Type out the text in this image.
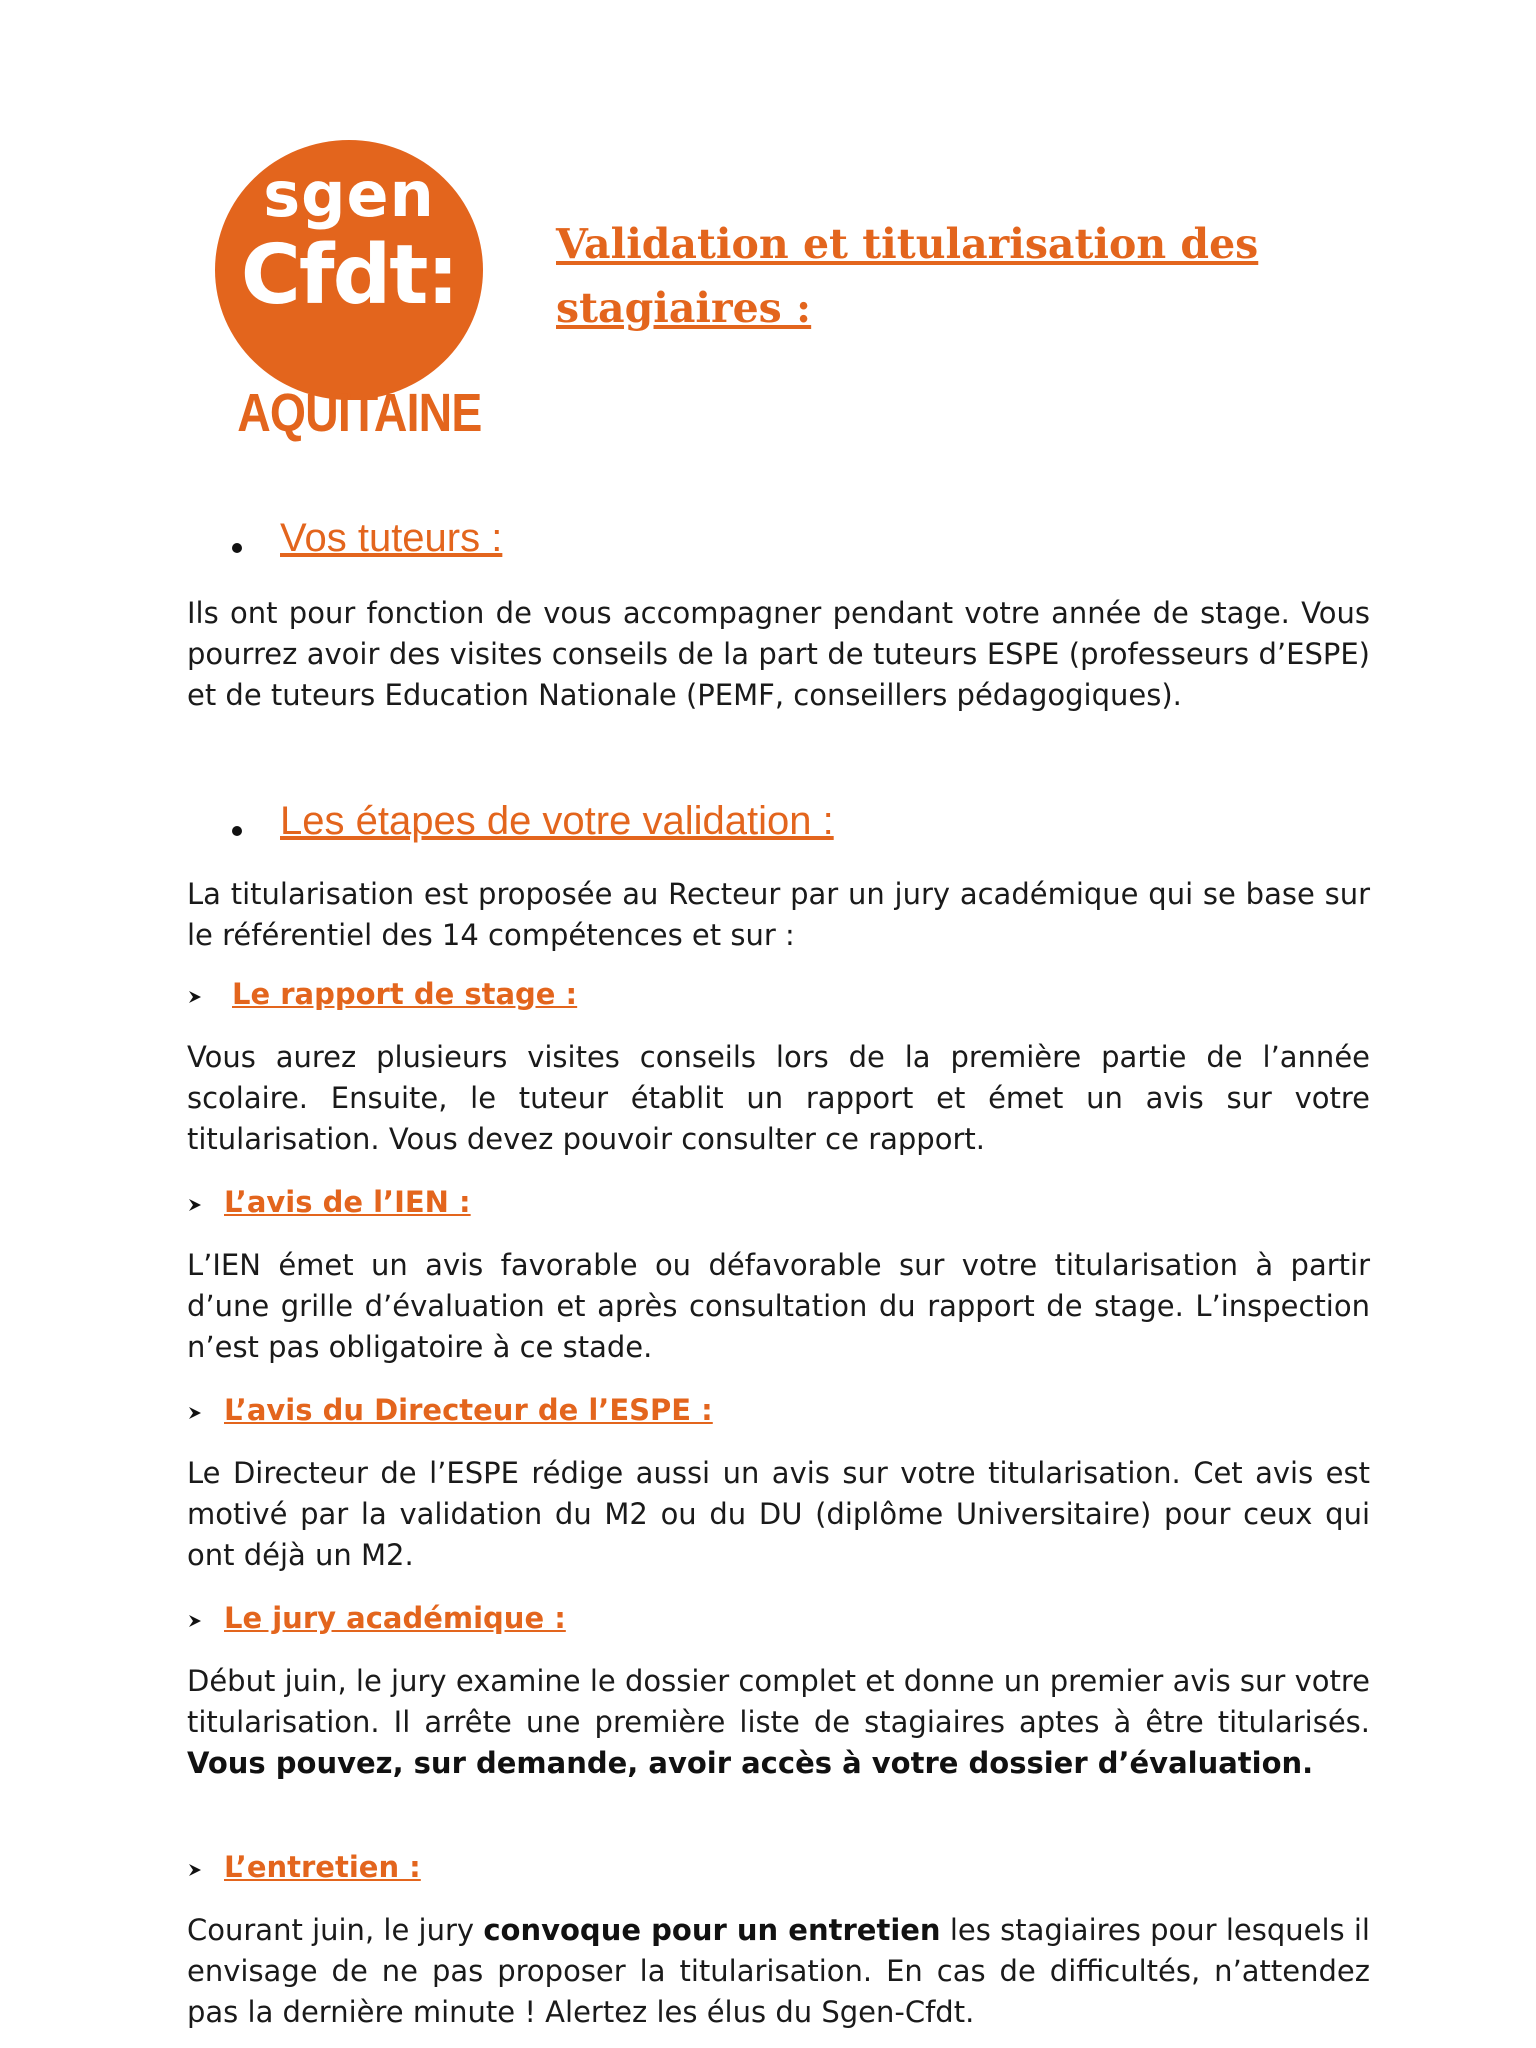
sgen
Cfdt:
AQUITAINE
Validation et titularisation des
stagiaires :
Vos tuteurs :

Ils ont pour fonction de vous accompagner pendant votre année de stage. Vous pourrez avoir des visites conseils de la part de tuteurs ESPE (professeurs d’ESPE) et de tuteurs Education Nationale (PEMF, conseillers pédagogiques).

Les étapes de votre validation :

La titularisation est proposée au Recteur par un jury académique qui se base sur le référentiel des 14 compétences et sur :

Le rapport de stage :

Vous aurez plusieurs visites conseils lors de la première partie de l’année scolaire. Ensuite, le tuteur établit un rapport et émet un avis sur votre titularisation. Vous devez pouvoir consulter ce rapport.

L’avis de l’IEN :

L’IEN émet un avis favorable ou défavorable sur votre titularisation à partir d’une grille d’évaluation et après consultation du rapport de stage. L’inspection n’est pas obligatoire à ce stade.

L’avis du Directeur de l’ESPE :

Le Directeur de l’ESPE rédige aussi un avis sur votre titularisation. Cet avis est motivé par la validation du M2 ou du DU (diplôme Universitaire) pour ceux qui ont déjà un M2.

Le jury académique :

Début juin, le jury examine le dossier complet et donne un premier avis sur votre titularisation. Il arrête une première liste de stagiaires aptes à être titularisés. Vous pouvez, sur demande, avoir accès à votre dossier d’évaluation.

L’entretien :

Courant juin, le jury convoque pour un entretien les stagiaires pour lesquels il envisage de ne pas proposer la titularisation. En cas de difficultés, n’attendez pas la dernière minute ! Alertez les élus du Sgen-Cfdt.
